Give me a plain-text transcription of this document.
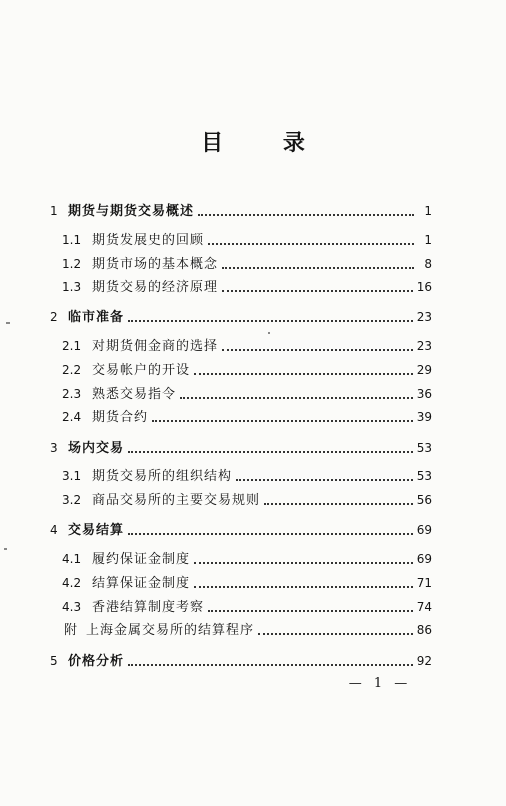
目 录
1 期货与期货交易概述	1
1.1 期货发展史的回顾	1
1.2 期货市场的基本概念	8
1.3 期货交易的经济原理	16
2 临市准备	23
2.1 对期货佣金商的选择	23
2.2 交易帐户的开设	29
2.3 熟悉交易指令	36
2.4 期货合约	39
3 场内交易	53
3.1 期货交易所的组织结构	53
3.2 商品交易所的主要交易规则	56
4 交易结算	69
4.1 履约保证金制度	69
4.2 结算保证金制度	71
4.3 香港结算制度考察	74
附 上海金属交易所的结算程序	86
5 价格分析	92
— 1 —
